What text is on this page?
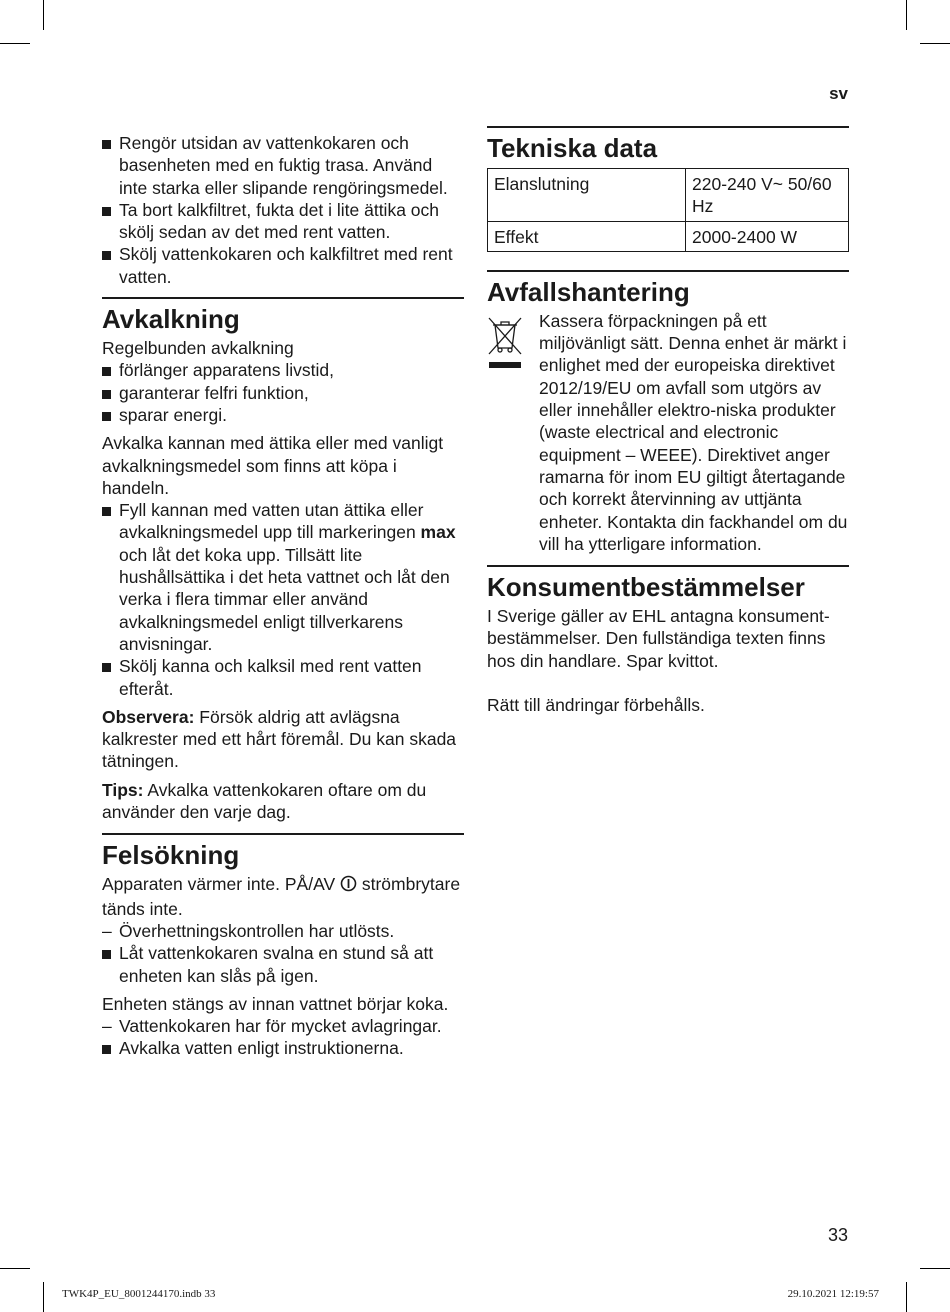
sv
Rengör utsidan av vattenkokaren och basenheten med en fuktig trasa. Använd inte starka eller slipande rengöringsmedel.
Ta bort kalkfiltret, fukta det i lite ättika och skölj sedan av det med rent vatten.
Skölj vattenkokaren och kalkfiltret med rent vatten.
Avkalkning

Regelbunden avkalkning

förlänger apparatens livstid,
garanterar felfri funktion,
sparar energi.

Avkalka kannan med ättika eller med vanligt avkalkningsmedel som finns att köpa i handeln.

Fyll kannan med vatten utan ättika eller avkalkningsmedel upp till markeringen max och låt det koka upp. Tillsätt lite hushållsättika i det heta vattnet och låt den verka i flera timmar eller använd avkalkningsmedel enligt tillverkarens anvisningar.
Skölj kanna och kalksil med rent vatten efteråt.

Observera: Försök aldrig att avlägsna kalkrester med ett hårt föremål. Du kan skada tätningen.

Tips: Avkalka vattenkokaren oftare om du använder den varje dag.

Felsökning

Apparaten värmer inte. PÅ/AV  strömbrytare tänds inte.

– Överhettningskontrollen har utlösts.
Låt vattenkokaren svalna en stund så att enheten kan slås på igen.

Enheten stängs av innan vattnet börjar koka.

– Vattenkokaren har för mycket avlagringar.
Avkalka vatten enligt instruktionerna.
Tekniska data
Elanslutning	220-240 V~ 50/60 Hz
Effekt	2000-2400 W
Avfallshantering

Kassera förpackningen på ett miljövänligt sätt. Denna enhet är märkt i enlighet med der europeiska direktivet 2012/19/EU om avfall som utgörs av eller innehåller elektro-niska produkter (waste electrical and electronic equipment – WEEE). Direktivet anger ramarna för inom EU giltigt återtagande och korrekt återvinning av uttjänta enheter. Kontakta din fackhandel om du vill ha ytterligare information.

Konsumentbestämmelser

I Sverige gäller av EHL antagna konsument-bestämmelser. Den fullständiga texten finns hos din handlare. Spar kvittot.

Rätt till ändringar förbehålls.

33
TWK4P_EU_8001244170.indb 33	29.10.2021 12:19:57
